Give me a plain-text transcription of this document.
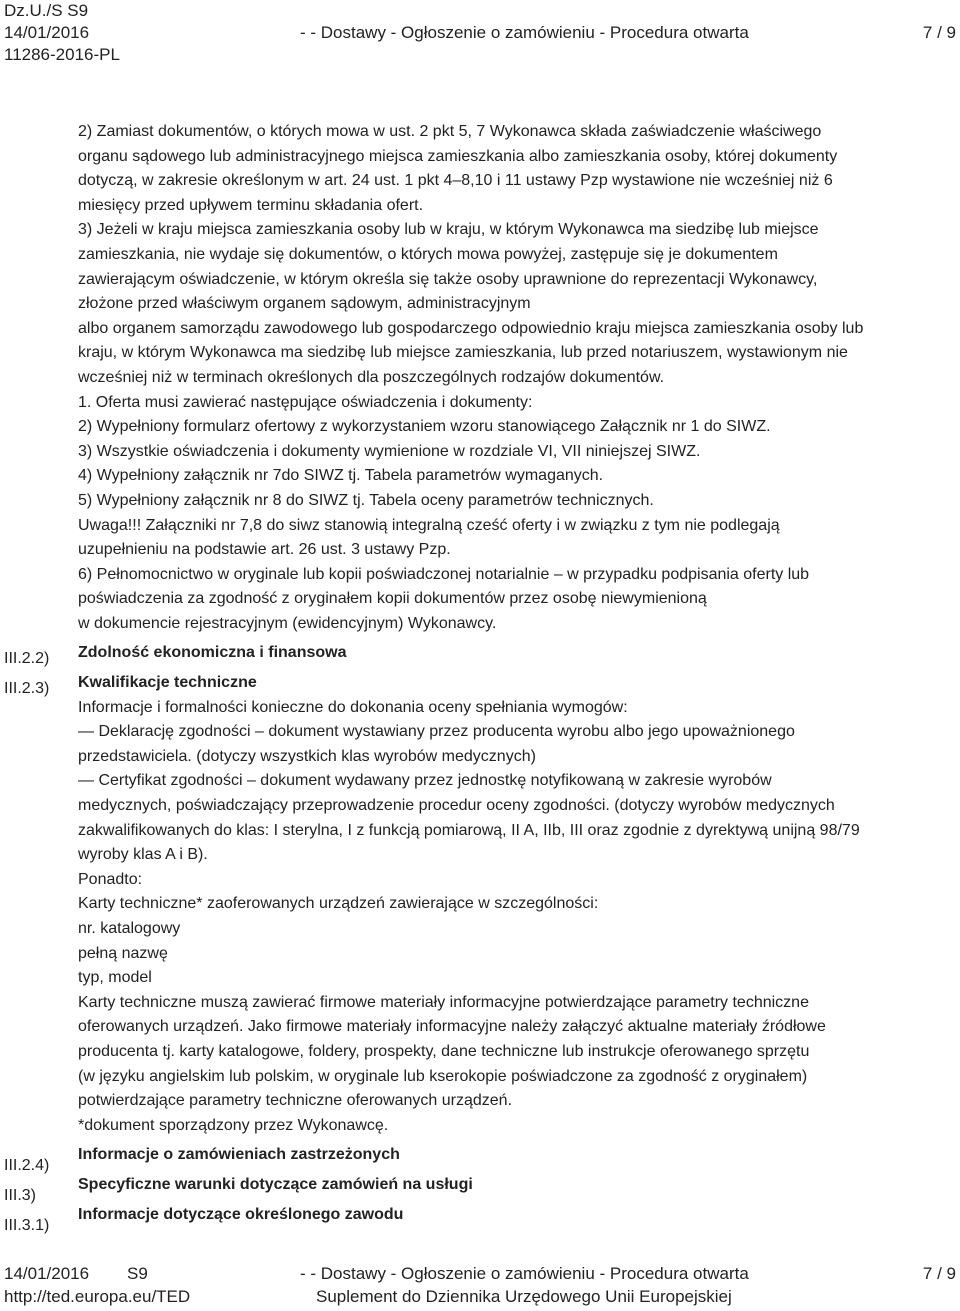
Dz.U./S S9
14/01/2016	- - Dostawy - Ogłoszenie o zamówieniu - Procedura otwarta	7 / 9
11286-2016-PL
III.2.2)
III.2.3)
III.2.4)
III.3)
III.3.1)

2) Zamiast dokumentów, o których mowa w ust. 2 pkt 5, 7 Wykonawca składa zaświadczenie właściwego

organu sądowego lub administracyjnego miejsca zamieszkania albo zamieszkania osoby, której dokumenty

dotyczą, w zakresie określonym w art. 24 ust. 1 pkt 4–8,10 i 11 ustawy Pzp wystawione nie wcześniej niż 6

miesięcy przed upływem terminu składania ofert.

3) Jeżeli w kraju miejsca zamieszkania osoby lub w kraju, w którym Wykonawca ma siedzibę lub miejsce

zamieszkania, nie wydaje się dokumentów, o których mowa powyżej, zastępuje się je dokumentem

zawierającym oświadczenie, w którym określa się także osoby uprawnione do reprezentacji Wykonawcy,

złożone przed właściwym organem sądowym, administracyjnym

albo organem samorządu zawodowego lub gospodarczego odpowiednio kraju miejsca zamieszkania osoby lub

kraju, w którym Wykonawca ma siedzibę lub miejsce zamieszkania, lub przed notariuszem, wystawionym nie

wcześniej niż w terminach określonych dla poszczególnych rodzajów dokumentów.

1. Oferta musi zawierać następujące oświadczenia i dokumenty:

2) Wypełniony formularz ofertowy z wykorzystaniem wzoru stanowiącego Załącznik nr 1 do SIWZ.

3) Wszystkie oświadczenia i dokumenty wymienione w rozdziale VI, VII niniejszej SIWZ.

4) Wypełniony załącznik nr 7do SIWZ tj. Tabela parametrów wymaganych.

5) Wypełniony załącznik nr 8 do SIWZ tj. Tabela oceny parametrów technicznych.

Uwaga!!! Załączniki nr 7,8 do siwz stanowią integralną cześć oferty i w związku z tym nie podlegają

uzupełnieniu na podstawie art. 26 ust. 3 ustawy Pzp.

6) Pełnomocnictwo w oryginale lub kopii poświadczonej notarialnie – w przypadku podpisania oferty lub

poświadczenia za zgodność z oryginałem kopii dokumentów przez osobę niewymienioną

w dokumencie rejestracyjnym (ewidencyjnym) Wykonawcy.

Zdolność ekonomiczna i finansowa

Kwalifikacje techniczne

Informacje i formalności konieczne do dokonania oceny spełniania wymogów:

— Deklarację zgodności – dokument wystawiany przez producenta wyrobu albo jego upoważnionego

przedstawiciela. (dotyczy wszystkich klas wyrobów medycznych)

— Certyfikat zgodności – dokument wydawany przez jednostkę notyfikowaną w zakresie wyrobów

medycznych, poświadczający przeprowadzenie procedur oceny zgodności. (dotyczy wyrobów medycznych

zakwalifikowanych do klas: I sterylna, I z funkcją pomiarową, II A, IIb, III oraz zgodnie z dyrektywą unijną 98/79

wyroby klas A i B).

Ponadto:

Karty techniczne* zaoferowanych urządzeń zawierające w szczególności:

nr. katalogowy

pełną nazwę

typ, model

Karty techniczne muszą zawierać firmowe materiały informacyjne potwierdzające parametry techniczne

oferowanych urządzeń. Jako firmowe materiały informacyjne należy załączyć aktualne materiały źródłowe

producenta tj. karty katalogowe, foldery, prospekty, dane techniczne lub instrukcje oferowanego sprzętu

(w języku angielskim lub polskim, w oryginale lub kserokopie poświadczone za zgodność z oryginałem)

potwierdzające parametry techniczne oferowanych urządzeń.

*dokument sporządzony przez Wykonawcę.

Informacje o zamówieniach zastrzeżonych

Specyficzne warunki dotyczące zamówień na usługi

Informacje dotyczące określonego zawodu

14/01/2016 S9	- - Dostawy - Ogłoszenie o zamówieniu - Procedura otwarta	7 / 9
http://ted.europa.eu/TED	Suplement do Dziennika Urzędowego Unii Europejskiej
